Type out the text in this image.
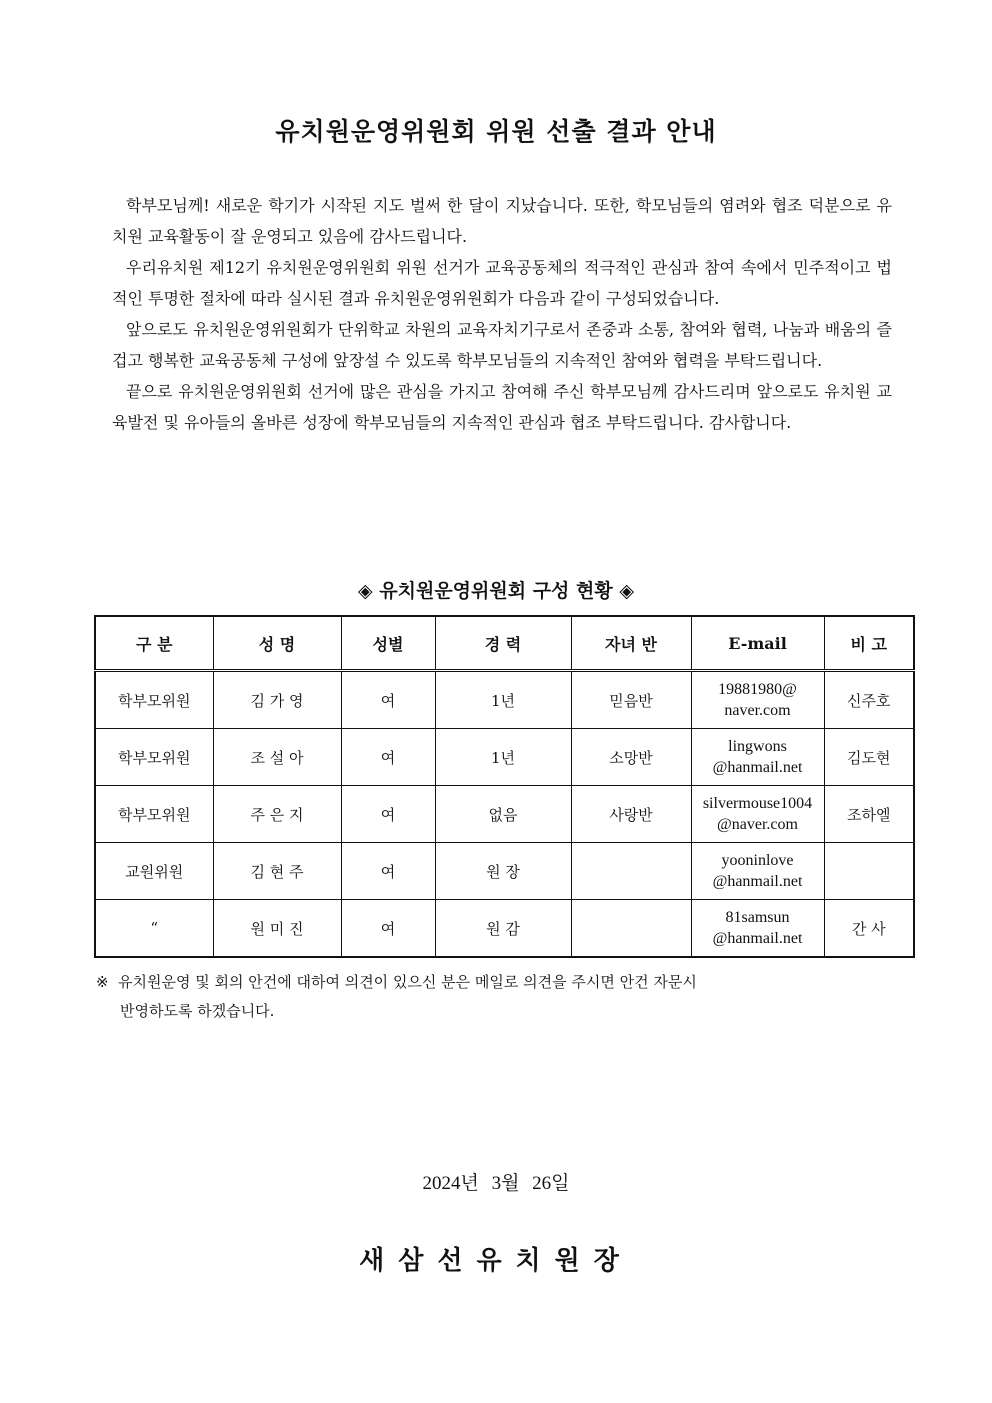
유치원운영위원회 위원 선출 결과 안내

학부모님께! 새로운 학기가 시작된 지도 벌써 한 달이 지났습니다. 또한, 학모님들의 염려와 협조 덕분으로 유치원 교육활동이 잘 운영되고 있음에 감사드립니다.

우리유치원 제12기 유치원운영위원회 위원 선거가 교육공동체의 적극적인 관심과 참여 속에서 민주적이고 법적인 투명한 절차에 따라 실시된 결과 유치원운영위원회가 다음과 같이 구성되었습니다.

앞으로도 유치원운영위원회가 단위학교 차원의 교육자치기구로서 존중과 소통, 참여와 협력, 나눔과 배움의 즐겁고 행복한 교육공동체 구성에 앞장설 수 있도록 학부모님들의 지속적인 참여와 협력을 부탁드립니다.

끝으로 유치원운영위원회 선거에 많은 관심을 가지고 참여해 주신 학부모님께 감사드리며 앞으로도 유치원 교육발전 및 유아들의 올바른 성장에 학부모님들의 지속적인 관심과 협조 부탁드립니다. 감사합니다.

◈ 유치원운영위원회 구성 현황 ◈
구 분	성 명	성별	경 력	자녀 반	E-mail	비 고
학부모위원	김 가 영	여	1년	믿음반	19881980@
naver.com	신주호
학부모위원	조 설 아	여	1년	소망반	lingwons
@hanmail.net	김도현
학부모위원	주 은 지	여	없음	사랑반	silvermouse1004
@naver.com	조하엘
교원위원	김 현 주	여	원 장		yooninlove
@hanmail.net	
“	원 미 진	여	원 감		81samsun
@hanmail.net	간 사
※ 유치원운영 및 회의 안건에 대하여 의견이 있으신 분은 메일로 의견을 주시면 안건 자문시
반영하도록 하겠습니다.
2024년 3월 26일
새삼선유치원장
